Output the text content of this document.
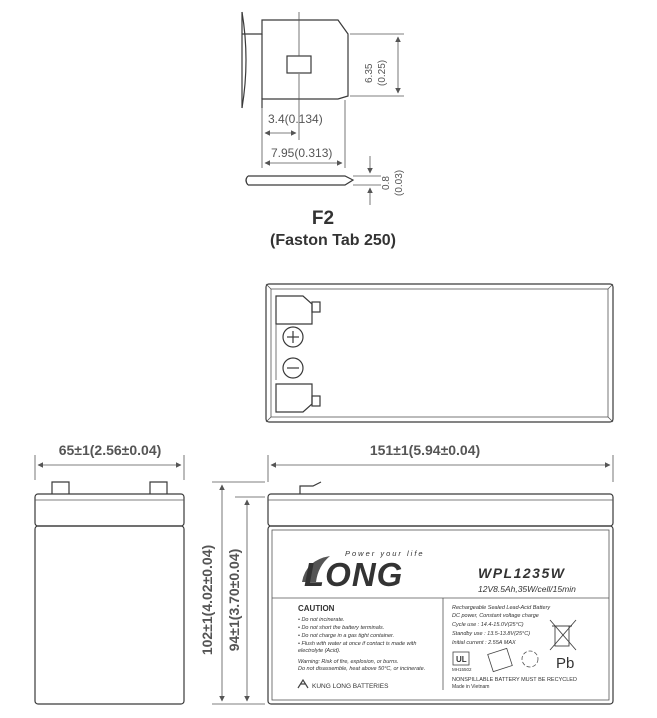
6.35 (0.25)
3.4(0.134)
7.95(0.313)
0.8 (0.03)
F2
(Faston Tab 250)
65±1(2.56±0.04)	151±1(5.94±0.04)
102±1(4.02±0.04) 94±1(3.70±0.04)	Power your life
LONG	WPL1235W
12V8.5Ah,35W/cell/15min
CAUTION
• Do not incinerate.
• Do not short the battery terminals.
• Do not charge in a gas tight container.
• Flush with water at once if contact is made with
electrolyte (Acid).
Warning: Risk of fire, explosion, or burns.
Do not disassemble, heat above 50°C, or incinerate.
KUNG LONG BATTERIES
Rechargeable Sealed Lead-Acid Battery
DC power, Constant voltage charge
Cycle use : 14.4-15.0V(25°C)
Standby use : 13.5-13.8V(25°C)
Initial current : 2.55A MAX
UL
MH15502	Pb
NONSPILLABLE BATTERY MUST BE RECYCLED
Made in Vietnam
